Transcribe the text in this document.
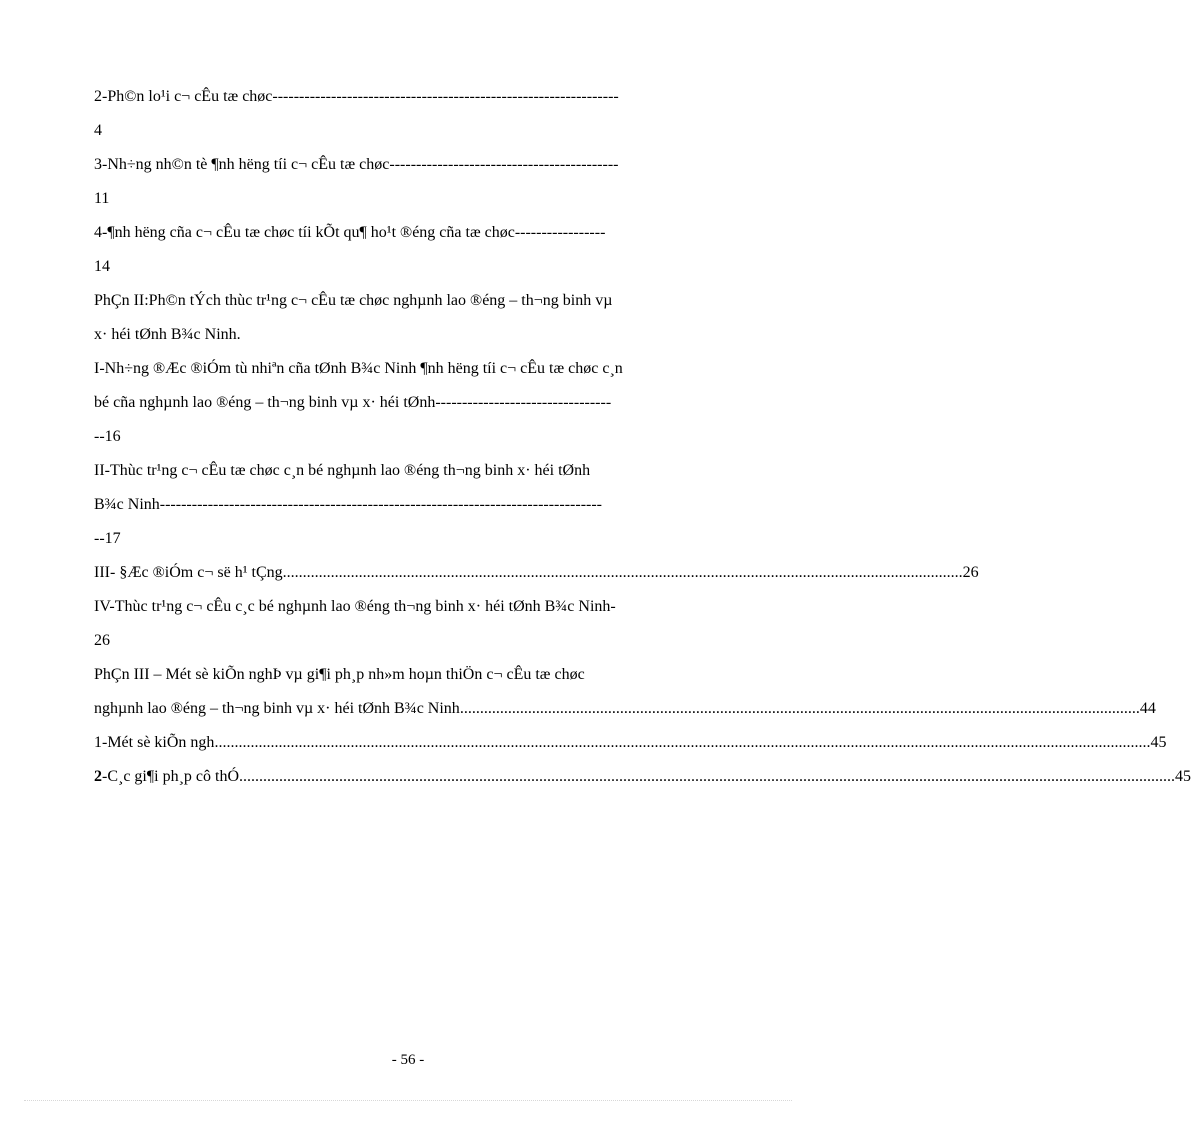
2-Ph©n lo¹i c¬ cÊu tæ chøc-----------------------------------------------------------------
4
3-Nh÷ng nh©n tè ¶nh hëng tíi c¬ cÊu tæ chøc-------------------------------------------
11
4-¶nh hëng cña c¬ cÊu tæ chøc tíi kÕt qu¶ ho¹t ®éng cña tæ chøc-----------------
14
PhÇn II:Ph©n tÝch thùc tr¹ng c¬ cÊu tæ chøc nghµnh lao ®éng – th¬ng binh vµ
x· héi tØnh B¾c Ninh.
I-Nh÷ng ®Æc ®iÓm tù nhiªn cña tØnh B¾c Ninh ¶nh hëng tíi c¬ cÊu tæ chøc c¸n
bé cña nghµnh lao ®éng – th¬ng binh vµ x· héi tØnh---------------------------------
--16
II-Thùc tr¹ng c¬ cÊu tæ chøc c¸n bé nghµnh lao ®éng th¬ng binh x· héi tØnh
B¾c Ninh-----------------------------------------------------------------------------------
--17
III- §Æc ®iÓm c¬ së h¹ tÇng .......................................................................................................................................................................... 26
IV-Thùc tr¹ng c¬ cÊu c¸c bé nghµnh lao ®éng th¬ng binh x· héi tØnh B¾c Ninh-
26
PhÇn III – Mét sè kiÕn nghÞ vµ gi¶i ph¸p nh»m hoµn thiÖn c¬ cÊu tæ chøc
nghµnh lao ®éng – th¬ng binh vµ x· héi tØnh B¾c Ninh .......................................................................................................................................................................... 44
1-Mét sè kiÕn ngh .......................................................................................................................................................................................................................................... 45
2-C¸c gi¶i ph¸p cô thÓ .......................................................................................................................................................................................................................................... 45
- 56 -
